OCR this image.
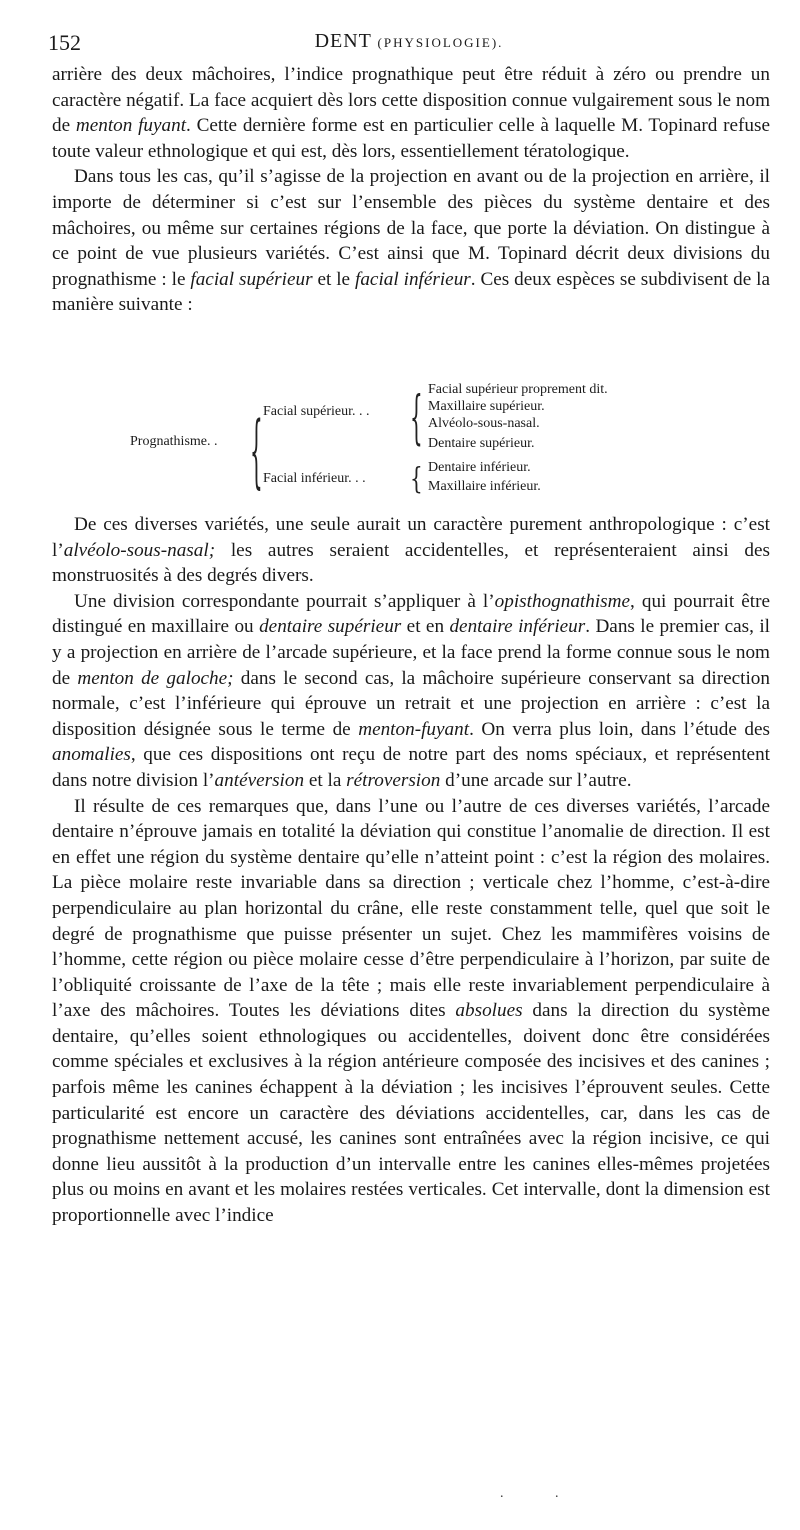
152	DENT (PHYSIOLOGIE).

arrière des deux mâchoires, l’indice prognathique peut être réduit à zéro ou prendre un caractère négatif. La face acquiert dès lors cette disposition connue vulgairement sous le nom de menton fuyant. Cette dernière forme est en particulier celle à laquelle M. Topinard refuse toute valeur ethnologique et qui est, dès lors, essentiellement tératologique.

Dans tous les cas, qu’il s’agisse de la projection en avant ou de la projection en arrière, il importe de déterminer si c’est sur l’ensemble des pièces du système dentaire et des mâchoires, ou même sur certaines régions de la face, que porte la déviation. On distingue à ce point de vue plusieurs variétés. C’est ainsi que M. Topinard décrit deux divisions du prognathisme : le facial supérieur et le facial inférieur. Ces deux espèces se subdivisent de la manière suivante :

Prognathisme. . { Facial supérieur. . . { Facial supérieur proprement dit.
Maxillaire supérieur.
Alvéolo-sous-nasal.
Dentaire supérieur.
Facial inférieur. . . { Dentaire inférieur.
Maxillaire inférieur.

De ces diverses variétés, une seule aurait un caractère purement anthropologique : c’est l’alvéolo-sous-nasal; les autres seraient accidentelles, et représenteraient ainsi des monstruosités à des degrés divers.

Une division correspondante pourrait s’appliquer à l’opisthognathisme, qui pourrait être distingué en maxillaire ou dentaire supérieur et en dentaire inférieur. Dans le premier cas, il y a projection en arrière de l’arcade supérieure, et la face prend la forme connue sous le nom de menton de galoche; dans le second cas, la mâchoire supérieure conservant sa direction normale, c’est l’inférieure qui éprouve un retrait et une projection en arrière : c’est la disposition désignée sous le terme de menton-fuyant. On verra plus loin, dans l’étude des anomalies, que ces dispositions ont reçu de notre part des noms spéciaux, et représentent dans notre division l’antéversion et la rétroversion d’une arcade sur l’autre.

Il résulte de ces remarques que, dans l’une ou l’autre de ces diverses variétés, l’arcade dentaire n’éprouve jamais en totalité la déviation qui constitue l’anomalie de direction. Il est en effet une région du système dentaire qu’elle n’atteint point : c’est la région des molaires. La pièce molaire reste invariable dans sa direction ; verticale chez l’homme, c’est-à-dire perpendiculaire au plan horizontal du crâne, elle reste constamment telle, quel que soit le degré de prognathisme que puisse présenter un sujet. Chez les mammifères voisins de l’homme, cette région ou pièce molaire cesse d’être perpendiculaire à l’horizon, par suite de l’obliquité croissante de l’axe de la tête ; mais elle reste invariablement perpendiculaire à l’axe des mâchoires. Toutes les déviations dites absolues dans la direction du système dentaire, qu’elles soient ethnologiques ou accidentelles, doivent donc être considérées comme spéciales et exclusives à la région antérieure composée des incisives et des canines ; parfois même les canines échappent à la déviation ; les incisives l’éprouvent seules. Cette particularité est encore un caractère des déviations accidentelles, car, dans les cas de prognathisme nettement accusé, les canines sont entraînées avec la région incisive, ce qui donne lieu aussitôt à la production d’un intervalle entre les canines elles-mêmes projetées plus ou moins en avant et les molaires restées verticales. Cet intervalle, dont la dimension est proportionnelle avec l’indice

. .
